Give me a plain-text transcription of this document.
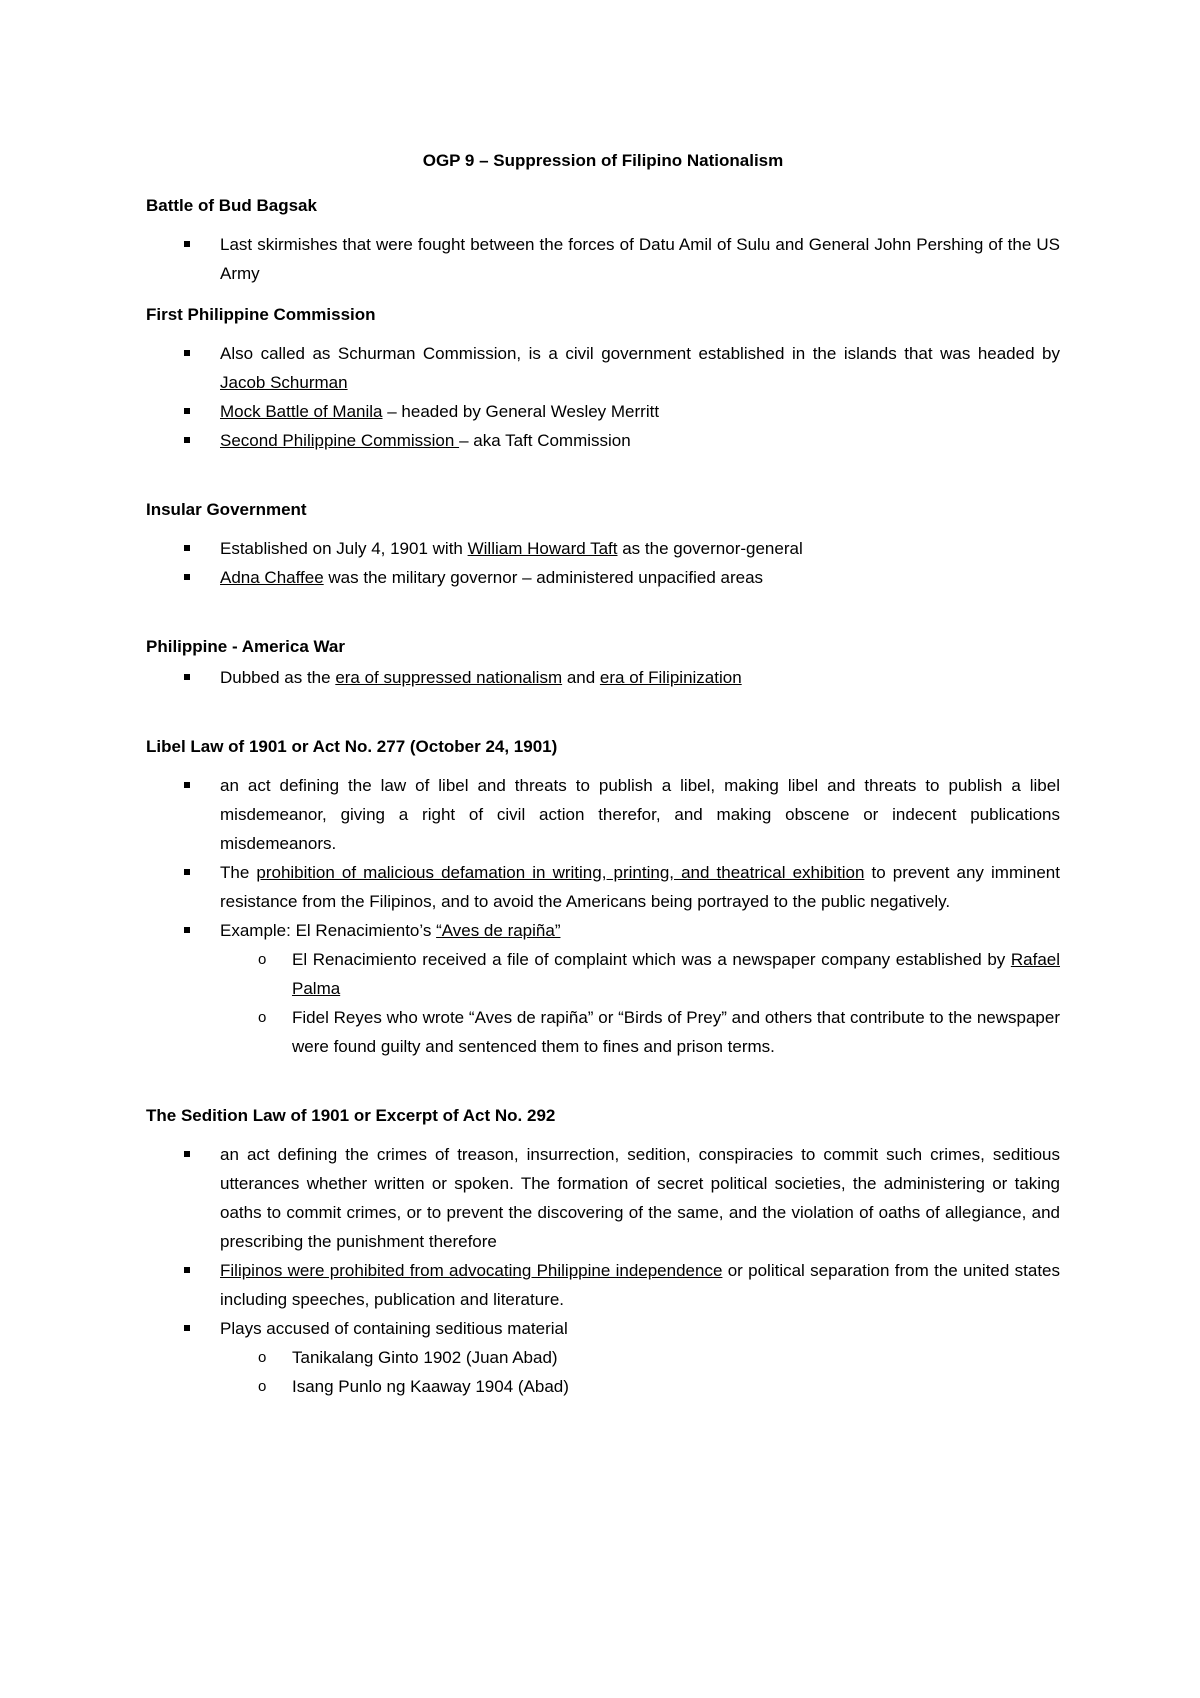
OGP 9 – Suppression of Filipino Nationalism
Battle of Bud Bagsak
Last skirmishes that were fought between the forces of Datu Amil of Sulu and General John Pershing of the US Army
First Philippine Commission
Also called as Schurman Commission, is a civil government established in the islands that was headed by Jacob Schurman
Mock Battle of Manila – headed by General Wesley Merritt
Second Philippine Commission – aka Taft Commission
Insular Government
Established on July 4, 1901 with William Howard Taft as the governor-general
Adna Chaffee was the military governor – administered unpacified areas
Philippine - America War
Dubbed as the era of suppressed nationalism and era of Filipinization
Libel Law of 1901 or Act No. 277 (October 24, 1901)
an act defining the law of libel and threats to publish a libel, making libel and threats to publish a libel misdemeanor, giving a right of civil action therefor, and making obscene or indecent publications misdemeanors.
The prohibition of malicious defamation in writing, printing, and theatrical exhibition to prevent any imminent resistance from the Filipinos, and to avoid the Americans being portrayed to the public negatively.
Example: El Renacimiento’s “Aves de rapiña”
o El Renacimiento received a file of complaint which was a newspaper company established by Rafael Palma
o Fidel Reyes who wrote “Aves de rapiña” or “Birds of Prey” and others that contribute to the newspaper were found guilty and sentenced them to fines and prison terms.
The Sedition Law of 1901 or Excerpt of Act No. 292
an act defining the crimes of treason, insurrection, sedition, conspiracies to commit such crimes, seditious utterances whether written or spoken. The formation of secret political societies, the administering or taking oaths to commit crimes, or to prevent the discovering of the same, and the violation of oaths of allegiance, and prescribing the punishment therefore
Filipinos were prohibited from advocating Philippine independence or political separation from the united states including speeches, publication and literature.
Plays accused of containing seditious material
o Tanikalang Ginto 1902 (Juan Abad)
o Isang Punlo ng Kaaway 1904 (Abad)
